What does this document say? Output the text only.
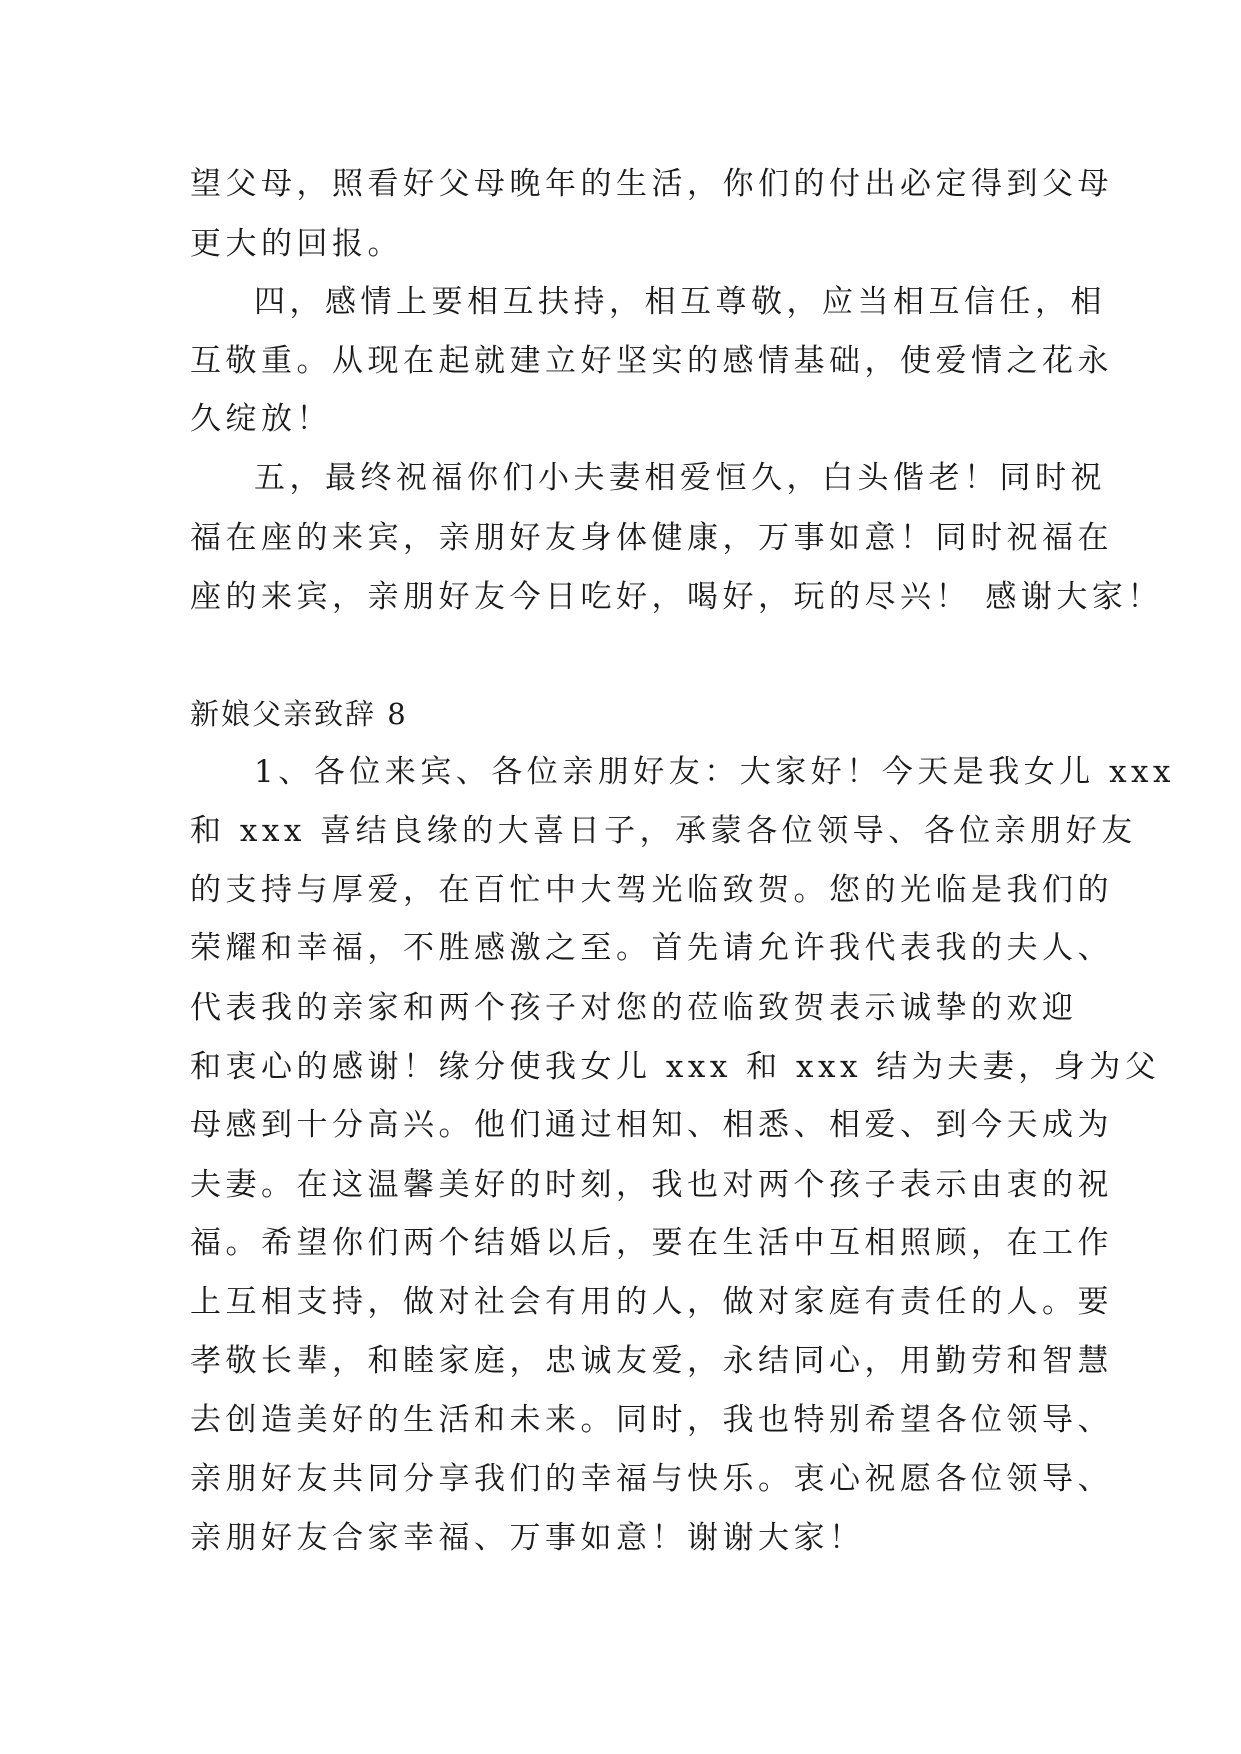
望父母，照看好父母晚年的生活，你们的付出必定得到父母
更大的回报。
四，感情上要相互扶持，相互尊敬，应当相互信任，相
互敬重。从现在起就建立好坚实的感情基础，使爱情之花永
久绽放！
五，最终祝福你们小夫妻相爱恒久，白头偕老！同时祝
福在座的来宾，亲朋好友身体健康，万事如意！同时祝福在
座的来宾，亲朋好友今日吃好，喝好，玩的尽兴！ 感谢大家！
新娘父亲致辞 8
1、各位来宾、各位亲朋好友：大家好！今天是我女儿 xxx
和 xxx 喜结良缘的大喜日子，承蒙各位领导、各位亲朋好友
的支持与厚爱，在百忙中大驾光临致贺。您的光临是我们的
荣耀和幸福，不胜感激之至。首先请允许我代表我的夫人、
代表我的亲家和两个孩子对您的莅临致贺表示诚挚的欢迎
和衷心的感谢！缘分使我女儿 xxx 和 xxx 结为夫妻，身为父
母感到十分高兴。他们通过相知、相悉、相爱、到今天成为
夫妻。在这温馨美好的时刻，我也对两个孩子表示由衷的祝
福。希望你们两个结婚以后，要在生活中互相照顾，在工作
上互相支持，做对社会有用的人，做对家庭有责任的人。要
孝敬长辈，和睦家庭，忠诚友爱，永结同心，用勤劳和智慧
去创造美好的生活和未来。同时，我也特别希望各位领导、
亲朋好友共同分享我们的幸福与快乐。衷心祝愿各位领导、
亲朋好友合家幸福、万事如意！谢谢大家！
